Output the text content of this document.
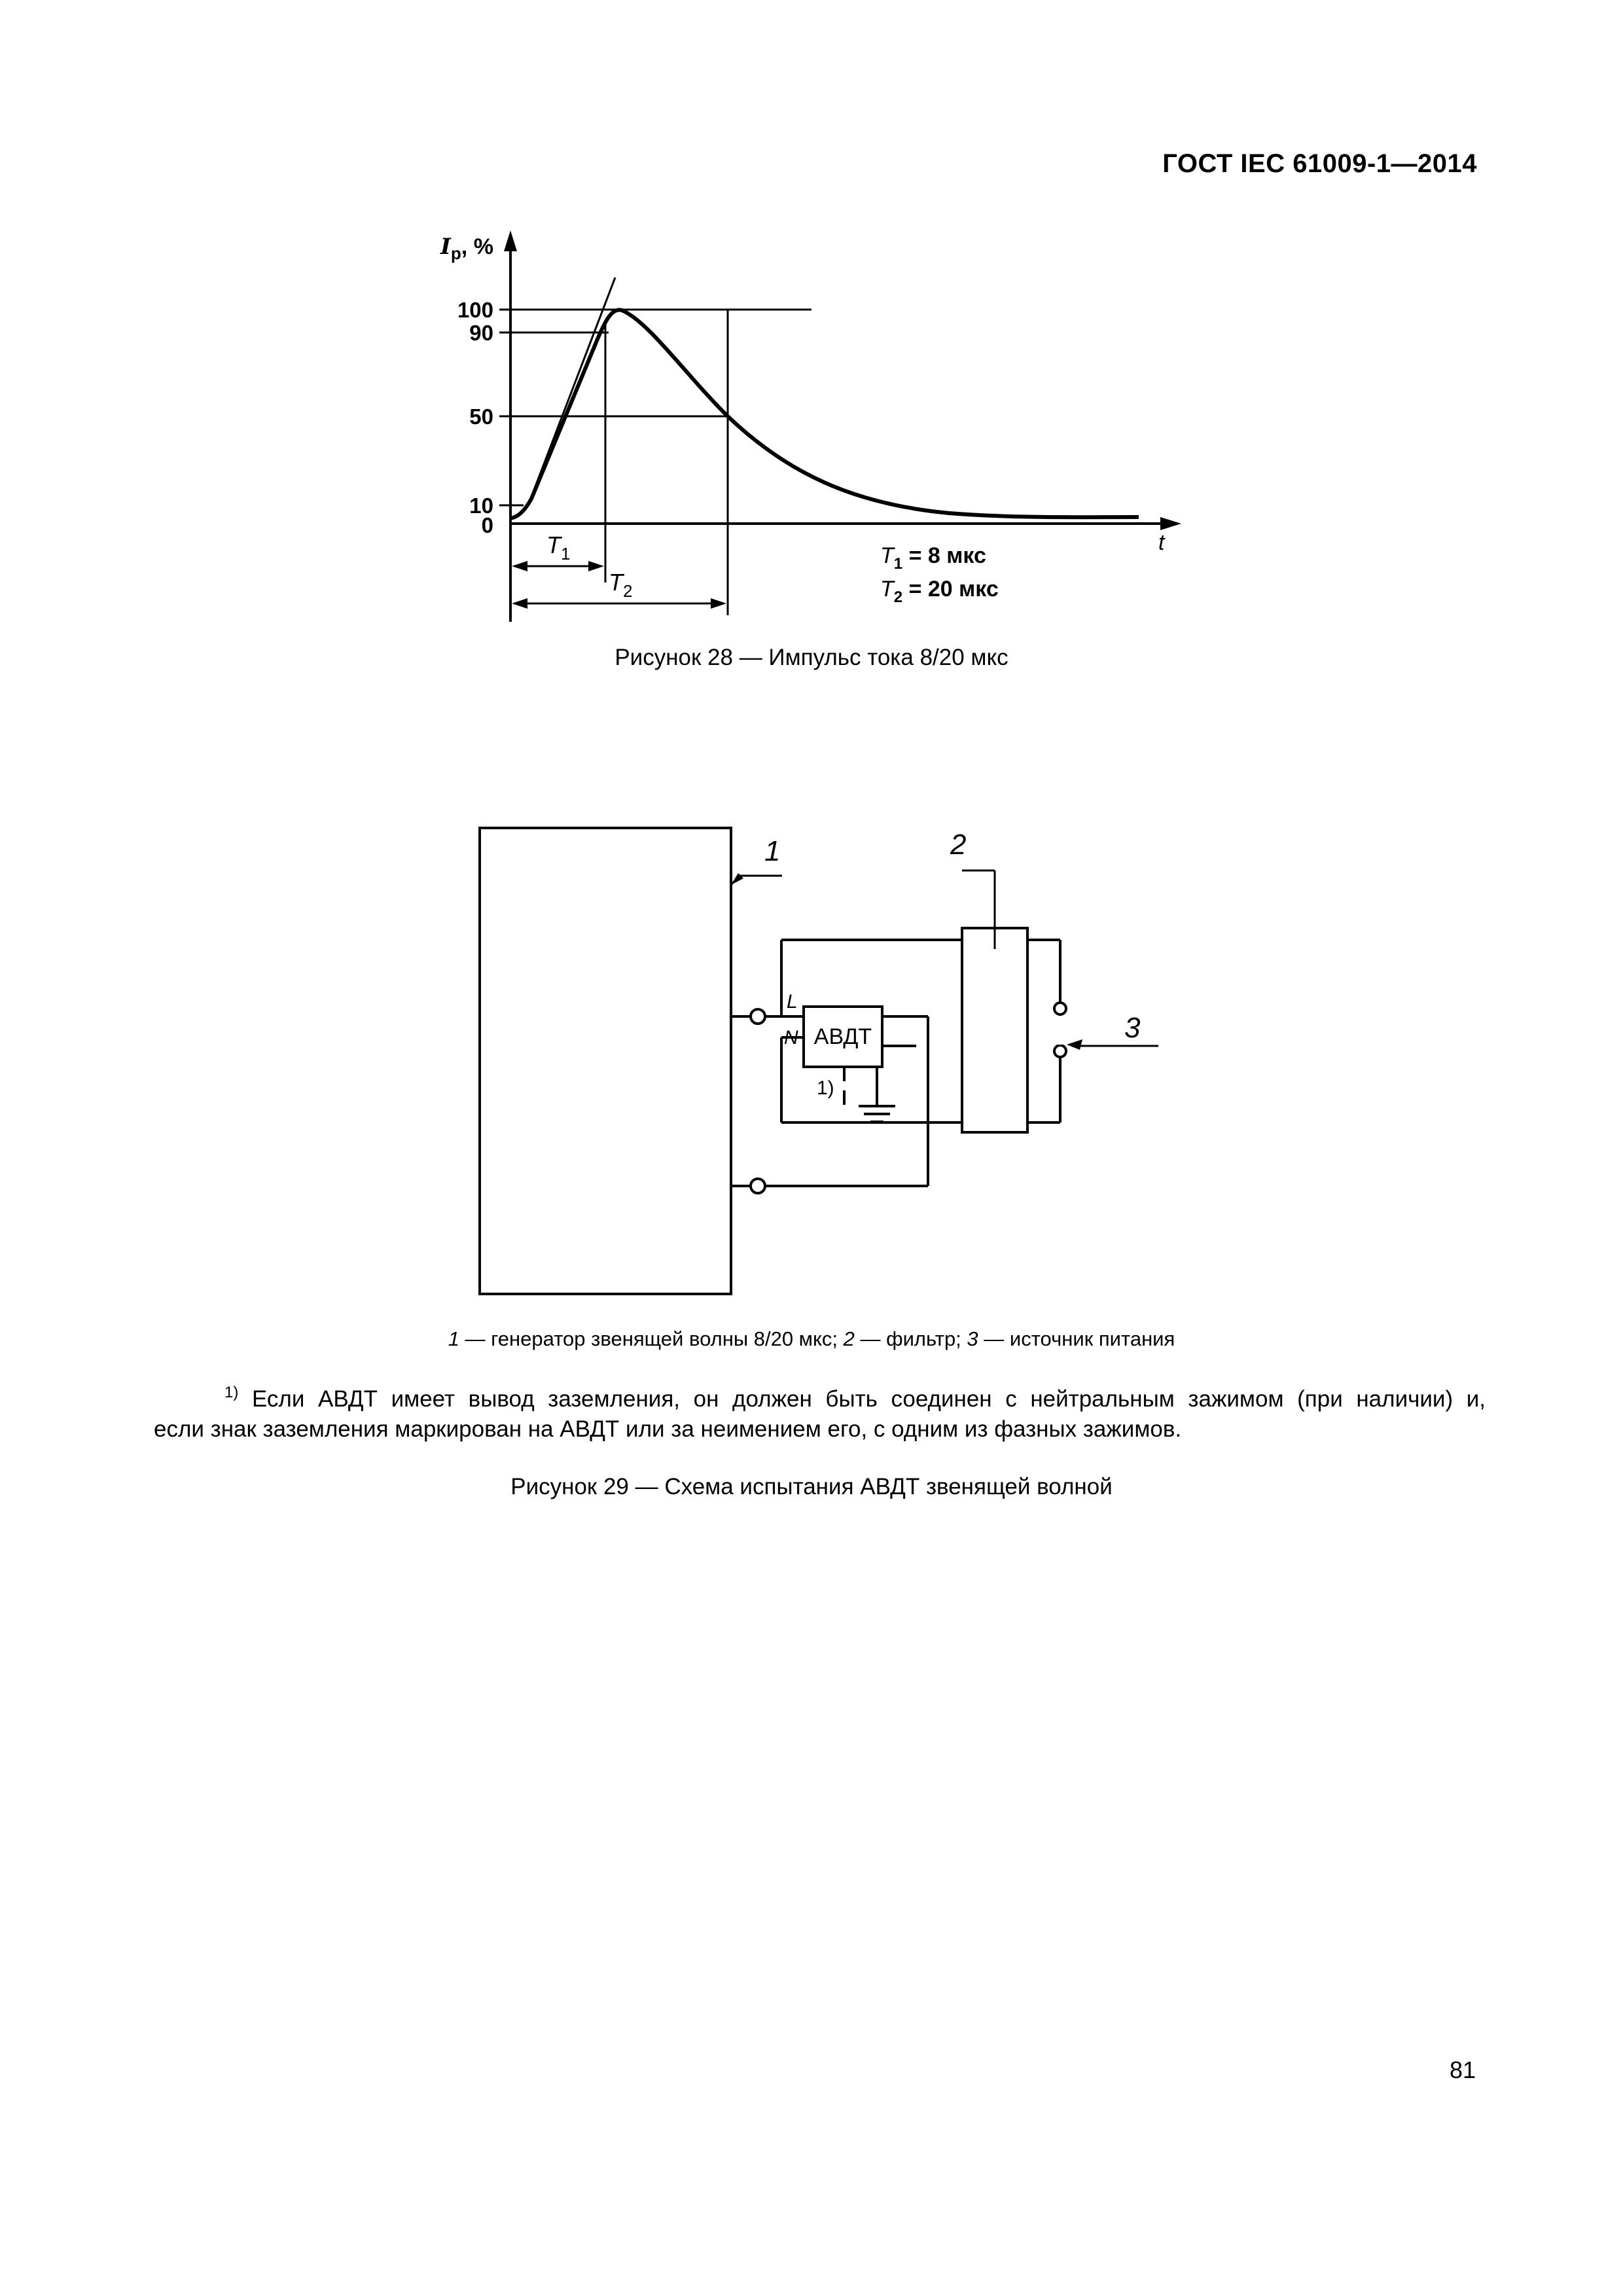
ГОСТ IEC 61009-1—2014
$I_p$, %
100
90
50
10
0
t
$T_1$
$T_2$
$T_1 = 8$ мкс
$T_2 = 20$ мкс
Рисунок 28 — Импульс тока 8/20 мкс
1	2
3
L
N АВДТ
1)
1 — генератор звенящей волны 8/20 мкс; 2 — фильтр; 3 — источник питания
$^{1)}$ Если АВДТ имеет вывод заземления, он должен быть соединен с нейтральным зажимом (при наличии) и,
если знак заземления маркирован на АВДТ или за неимением его, с одним из фазных зажимов.
Рисунок 29 — Схема испытания АВДТ звенящей волной
81
